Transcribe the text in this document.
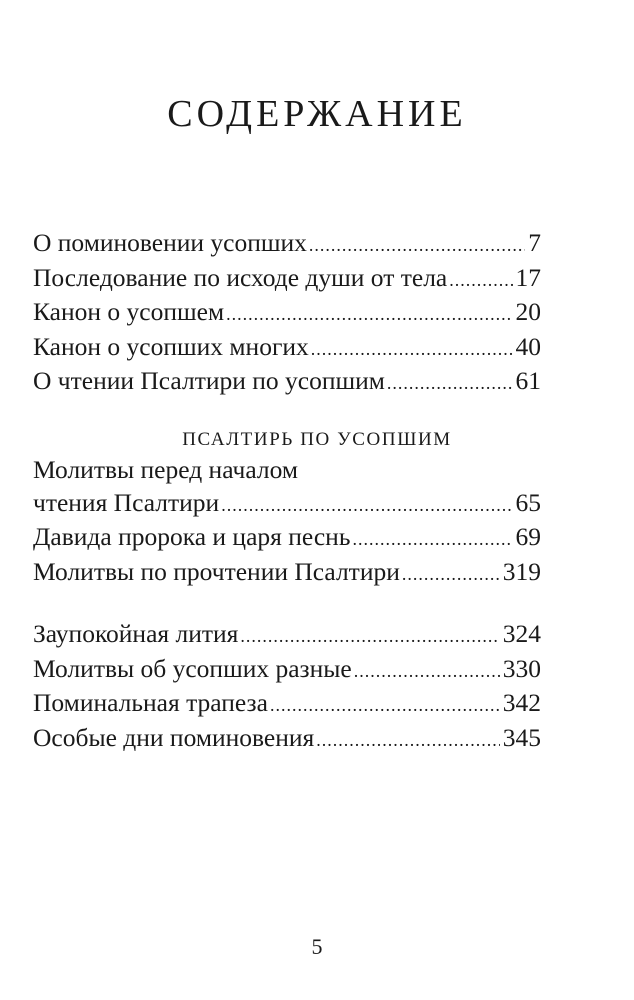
СОДЕРЖАНИЕ
О поминовении усопших .....	7
Последование по исходе души от тела .....	17
Канон о усопшем .....	20
Канон о усопших многих .....	40
О чтении Псалтири по усопшим .....	61
ПСАЛТИРЬ ПО УСОПШИМ
Молитвы перед началом
чтения Псалтири .....	65
Давида пророка и царя песнь .....	69
Молитвы по прочтении Псалтири .....	319
Заупокойная лития .....	324
Молитвы об усопших разные .....	330
Поминальная трапеза .....	342
Особые дни поминовения .....	345
5
